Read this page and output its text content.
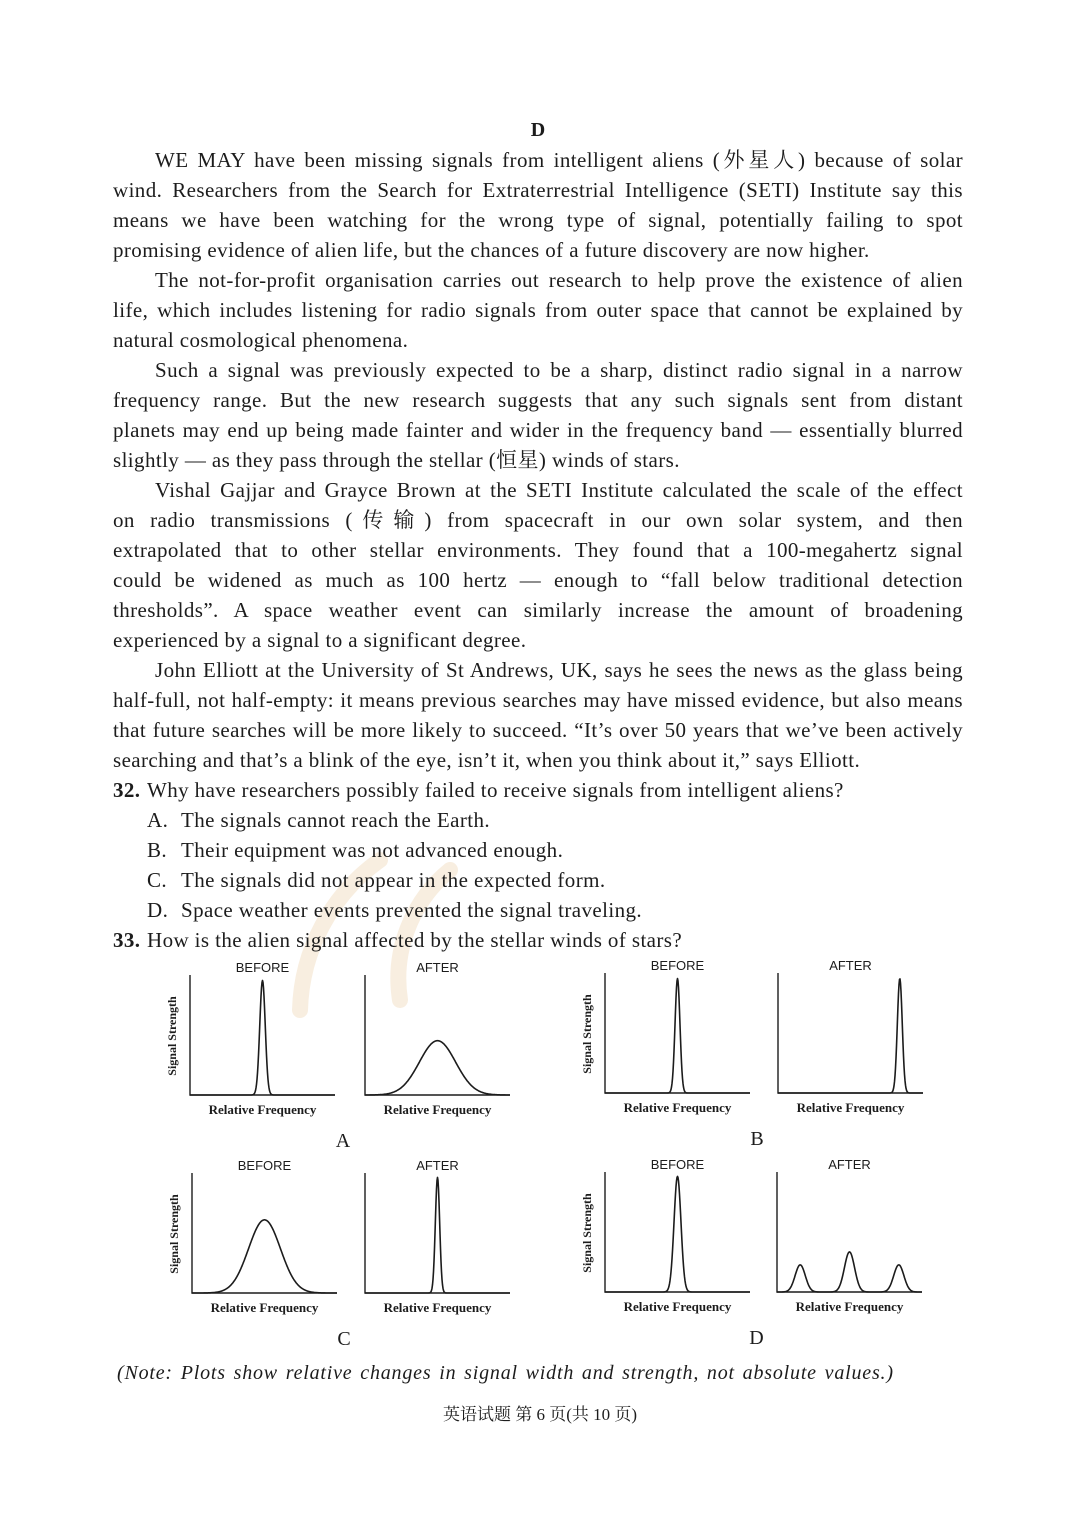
D
WE MAY have been missing signals from intelligent aliens (外星人) because of solar
wind. Researchers from the Search for Extraterrestrial Intelligence (SETI) Institute say this
means we have been watching for the wrong type of signal, potentially failing to spot
promising evidence of alien life, but the chances of a future discovery are now higher.
The not-for-profit organisation carries out research to help prove the existence of alien
life, which includes listening for radio signals from outer space that cannot be explained by
natural cosmological phenomena.
Such a signal was previously expected to be a sharp, distinct radio signal in a narrow
frequency range. But the new research suggests that any such signals sent from distant
planets may end up being made fainter and wider in the frequency band — essentially blurred
slightly — as they pass through the stellar (恒星) winds of stars.
Vishal Gajjar and Grayce Brown at the SETI Institute calculated the scale of the effect
on radio transmissions (传输) from spacecraft in our own solar system, and then
extrapolated that to other stellar environments. They found that a 100-megahertz signal
could be widened as much as 100 hertz — enough to “fall below traditional detection
thresholds”. A space weather event can similarly increase the amount of broadening
experienced by a signal to a significant degree.
John Elliott at the University of St Andrews, UK, says he sees the news as the glass being
half-full, not half-empty: it means previous searches may have missed evidence, but also means
that future searches will be more likely to succeed. “It’s over 50 years that we’ve been actively
searching and that’s a blink of the eye, isn’t it, when you think about it,” says Elliott.
32. Why have researchers possibly failed to receive signals from intelligent aliens?
A. The signals cannot reach the Earth.
B. Their equipment was not advanced enough.
C. The signals did not appear in the expected form.
D. Space weather events prevented the signal traveling.
33. How is the alien signal affected by the stellar winds of stars?
Signal Strength
BEFORE
Relative Frequency
AFTER
Relative Frequency
A
Signal Strength
BEFORE
Relative Frequency
AFTER
Relative Frequency
B
Signal Strength
BEFORE
Relative Frequency
AFTER
Relative Frequency
C
Signal Strength
BEFORE
Relative Frequency
AFTER
Relative Frequency
D
(Note: Plots show relative changes in signal width and strength, not absolute values.)
英语试题 第 6 页(共 10 页)
